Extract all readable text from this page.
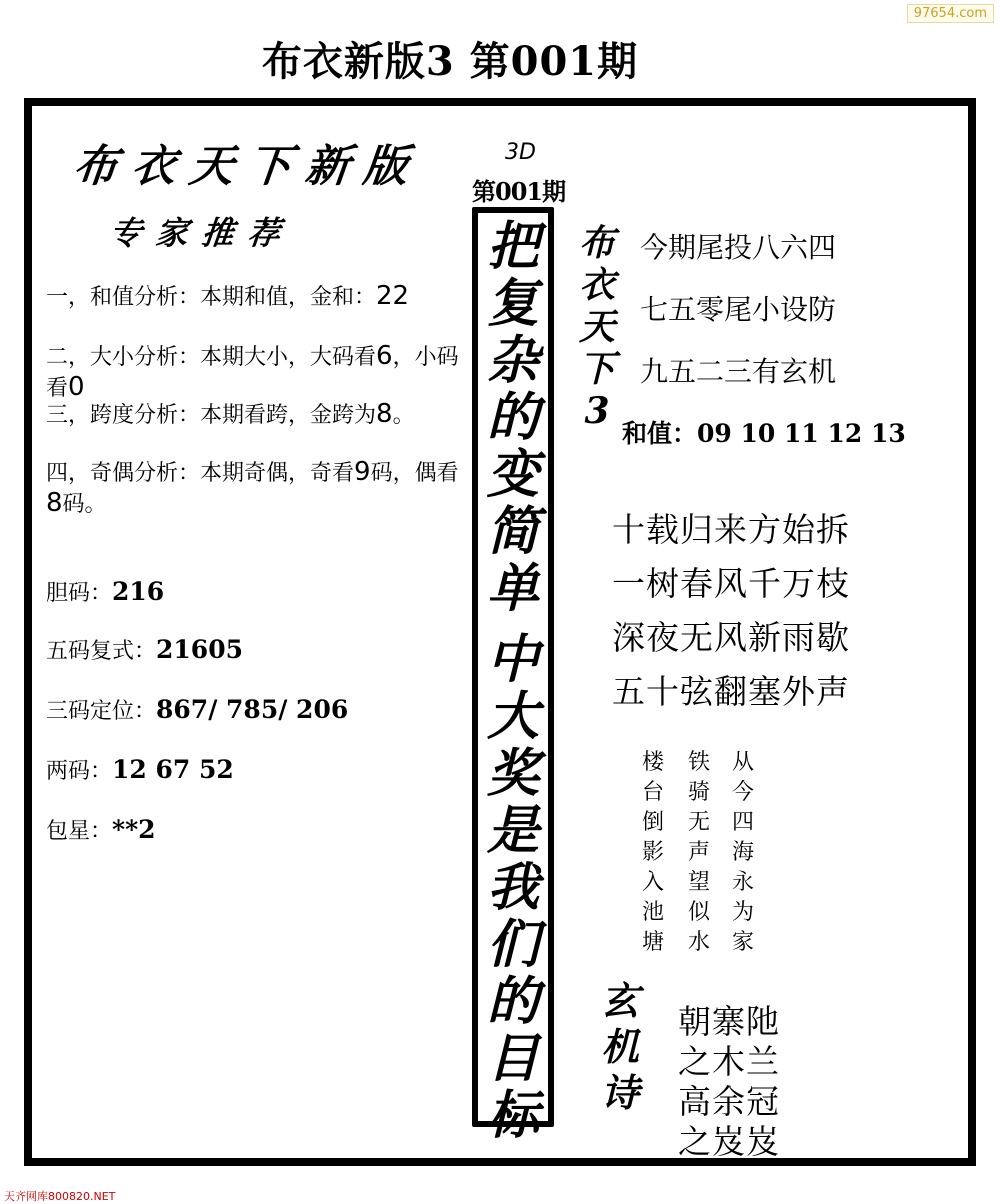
97654.com
布衣新版3 第001期
布衣天下新版
专家推荐
一，和值分析：本期和值，金和：22
二，大小分析：本期大小，大码看6，小码看0
三，跨度分析：本期看跨，金跨为8。
四，奇偶分析：本期奇偶，奇看9码，偶看8码。
胆码：216
五码复式：21605
三码定位：867/ 785/ 206
两码：12 67 52
包星：**2
3D
第001期
把
复
杂
的
变
简
单
中
大
奖
是
我
们
的
目
标
布
衣
天
下
3
今期尾投八六四
七五零尾小设防
九五二三有玄机
和值：09 10 11 12 13
十载归来方始拆
一树春风千万枝
深夜无风新雨歇
五十弦翻塞外声
楼
台
倒
影
入
池
塘
铁
骑
无
声
望
似
水
从
今
四
海
永
为
家
玄
机
诗
朝寨阤
之木兰
高余冠
之岌岌
天齐网库800820.NET
